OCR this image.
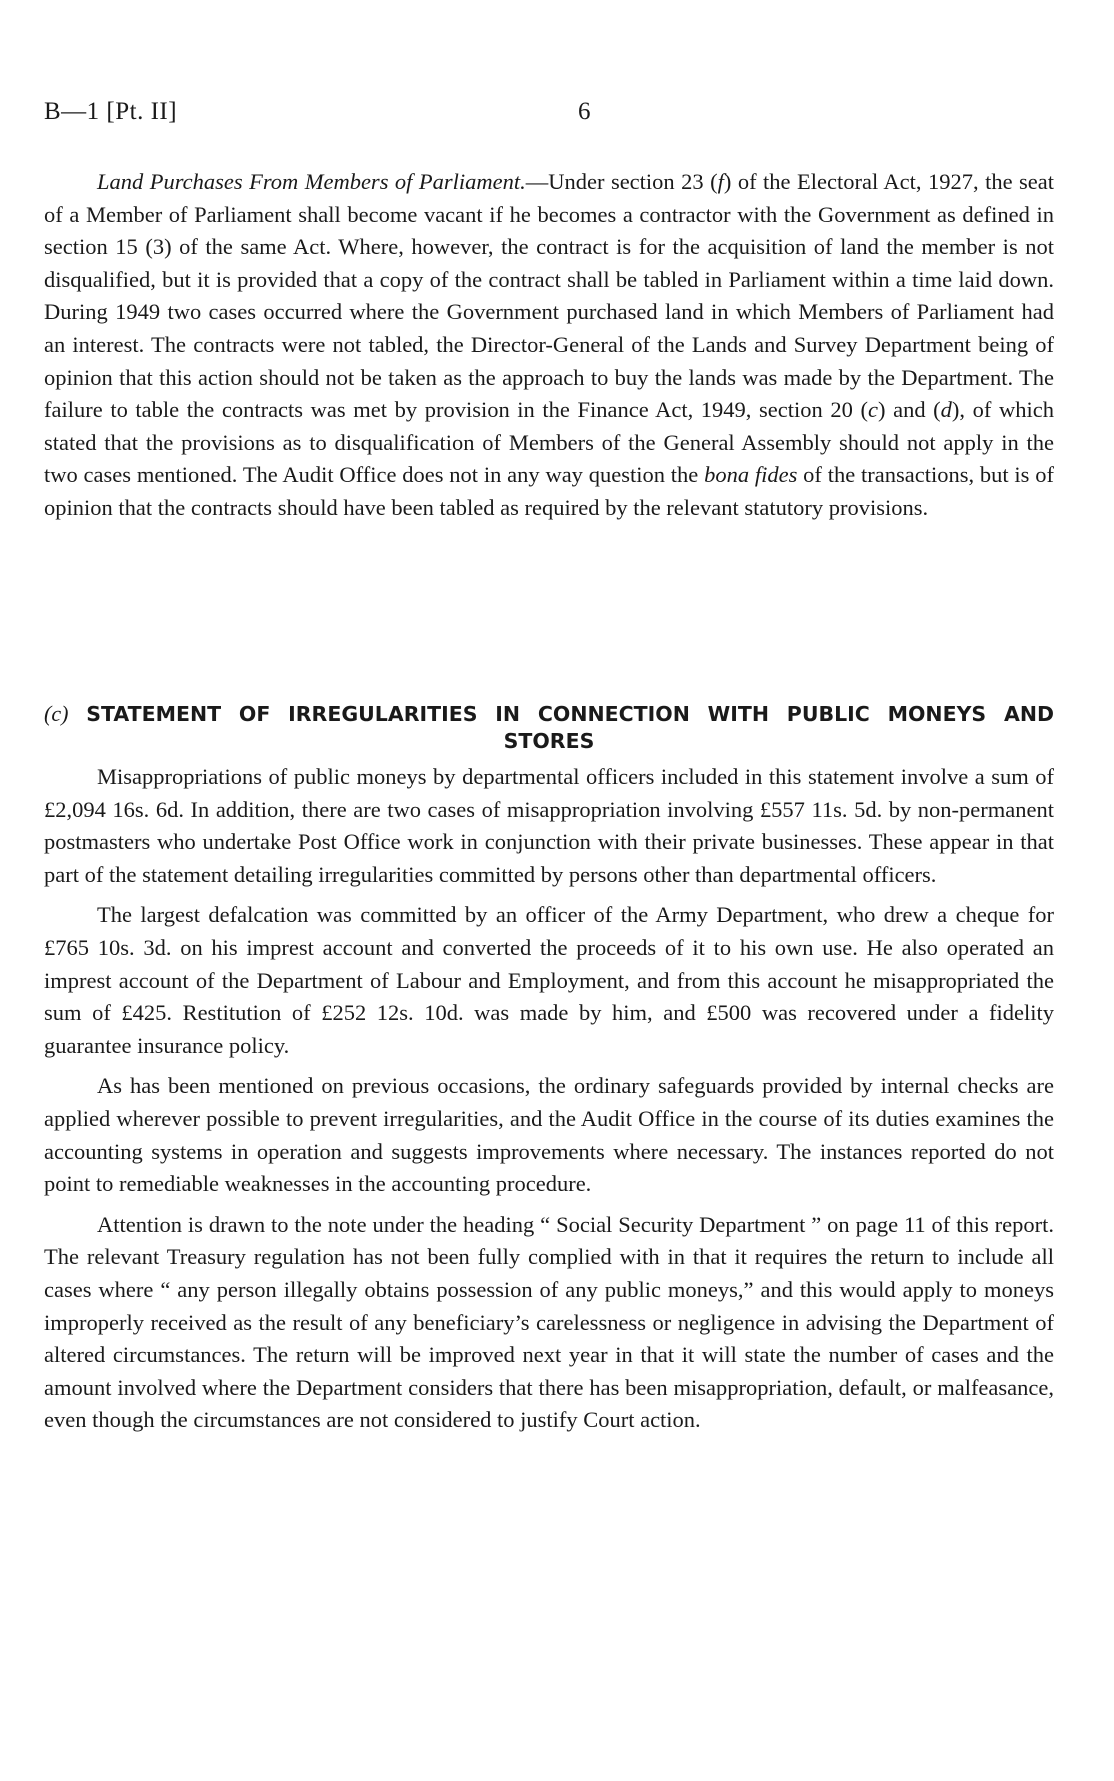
B—1 [Pt. II]	6

Land Purchases From Members of Parliament.—Under section 23 (f) of the Electoral Act, 1927, the seat of a Member of Parliament shall become vacant if he becomes a contractor with the Government as defined in section 15 (3) of the same Act. Where, however, the contract is for the acquisition of land the member is not disqualified, but it is provided that a copy of the contract shall be tabled in Parliament within a time laid down. During 1949 two cases occurred where the Government purchased land in which Members of Parliament had an interest. The contracts were not tabled, the Director-General of the Lands and Survey Department being of opinion that this action should not be taken as the approach to buy the lands was made by the Department. The failure to table the contracts was met by provision in the Finance Act, 1949, section 20 (c) and (d), of which stated that the provisions as to disqualification of Members of the General Assembly should not apply in the two cases mentioned. The Audit Office does not in any way question the bona fides of the transactions, but is of opinion that the contracts should have been tabled as required by the relevant statutory provisions.

(c) STATEMENT OF IRREGULARITIES IN CONNECTION WITH PUBLIC MONEYS AND STORES

Misappropriations of public moneys by departmental officers included in this statement involve a sum of £2,094 16s. 6d. In addition, there are two cases of misappropriation involving £557 11s. 5d. by non-permanent postmasters who undertake Post Office work in conjunction with their private businesses. These appear in that part of the statement detailing irregularities committed by persons other than departmental officers.

The largest defalcation was committed by an officer of the Army Department, who drew a cheque for £765 10s. 3d. on his imprest account and converted the proceeds of it to his own use. He also operated an imprest account of the Department of Labour and Employment, and from this account he misappropriated the sum of £425. Restitution of £252 12s. 10d. was made by him, and £500 was recovered under a fidelity guarantee insurance policy.

As has been mentioned on previous occasions, the ordinary safeguards provided by internal checks are applied wherever possible to prevent irregularities, and the Audit Office in the course of its duties examines the accounting systems in operation and suggests improvements where necessary. The instances reported do not point to remediable weaknesses in the accounting procedure.

Attention is drawn to the note under the heading “ Social Security Department ” on page 11 of this report. The relevant Treasury regulation has not been fully complied with in that it requires the return to include all cases where “ any person illegally obtains possession of any public moneys,” and this would apply to moneys improperly received as the result of any beneficiary’s carelessness or negligence in advising the Department of altered circumstances. The return will be improved next year in that it will state the number of cases and the amount involved where the Department considers that there has been misappropriation, default, or malfeasance, even though the circumstances are not considered to justify Court action.
